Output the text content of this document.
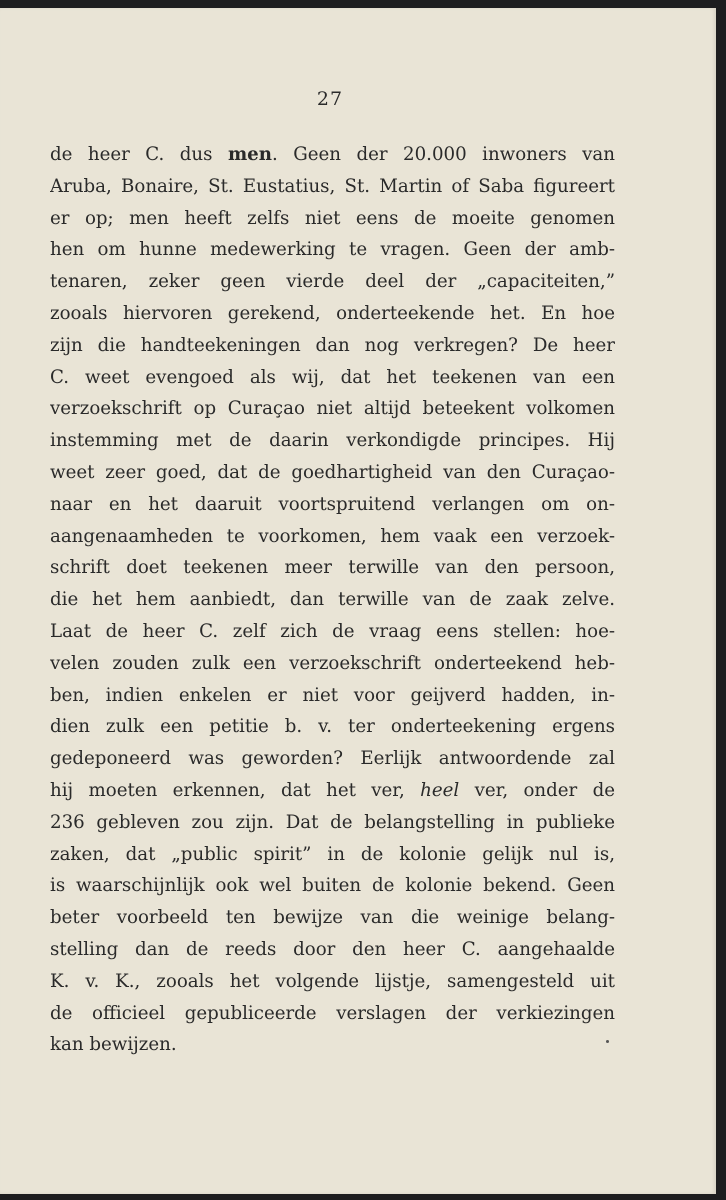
27
de heer C. dus men. Geen der 20.000 inwoners van
Aruba, Bonaire, St. Eustatius, St. Martin of Saba figureert
er op; men heeft zelfs niet eens de moeite genomen
hen om hunne medewerking te vragen. Geen der amb-
tenaren, zeker geen vierde deel der „capaciteiten,”
zooals hiervoren gerekend, onderteekende het. En hoe
zijn die handteekeningen dan nog verkregen? De heer
C. weet evengoed als wij, dat het teekenen van een
verzoekschrift op Curaçao niet altijd beteekent volkomen
instemming met de daarin verkondigde principes. Hij
weet zeer goed, dat de goedhartigheid van den Curaçao-
naar en het daaruit voortspruitend verlangen om on-
aangenaamheden te voorkomen, hem vaak een verzoek-
schrift doet teekenen meer terwille van den persoon,
die het hem aanbiedt, dan terwille van de zaak zelve.
Laat de heer C. zelf zich de vraag eens stellen: hoe-
velen zouden zulk een verzoekschrift onderteekend heb-
ben, indien enkelen er niet voor geijverd hadden, in-
dien zulk een petitie b. v. ter onderteekening ergens
gedeponeerd was geworden? Eerlijk antwoordende zal
hij moeten erkennen, dat het ver, heel ver, onder de
236 gebleven zou zijn. Dat de belangstelling in publieke
zaken, dat „public spirit” in de kolonie gelijk nul is,
is waarschijnlijk ook wel buiten de kolonie bekend. Geen
beter voorbeeld ten bewijze van die weinige belang-
stelling dan de reeds door den heer C. aangehaalde
K. v. K., zooals het volgende lijstje, samengesteld uit
de officieel gepubliceerde verslagen der verkiezingen
kan bewijzen.
